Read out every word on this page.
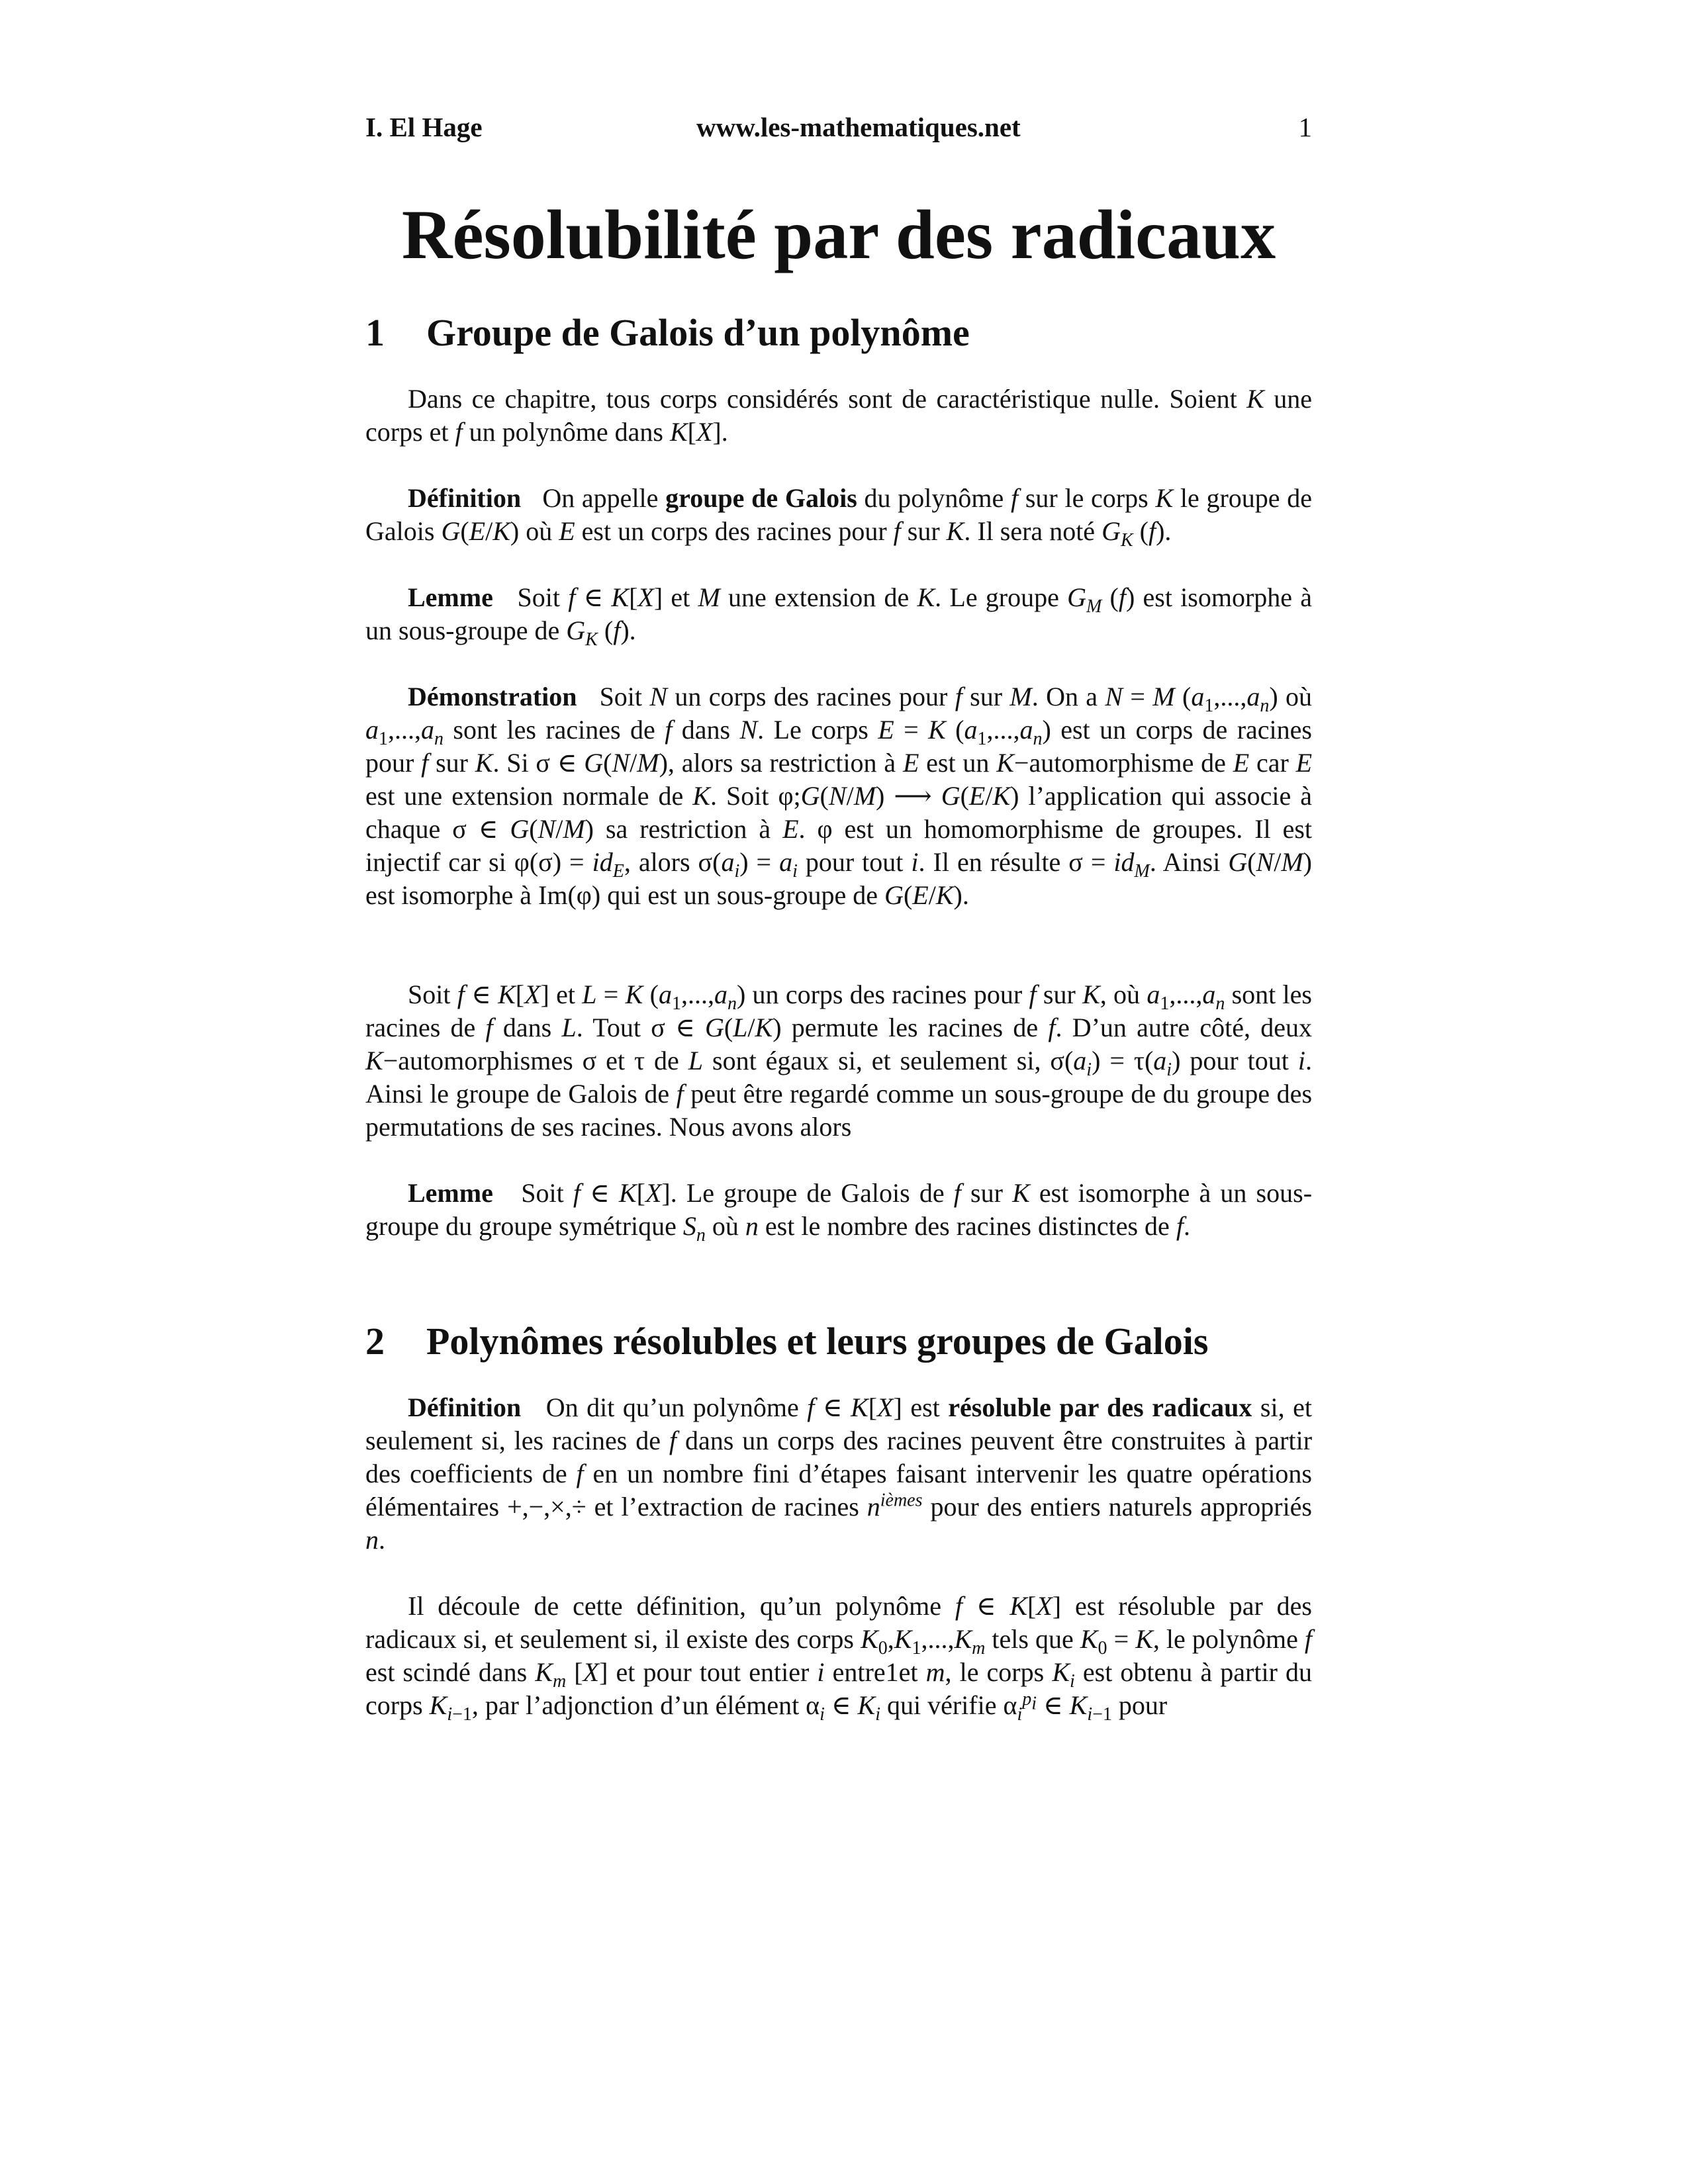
I. El Hage	www.les-mathematiques.net	1
Résolubilité par des radicaux
1 Groupe de Galois d’un polynôme
Dans ce chapitre, tous corps considérés sont de caractéristique nulle. Soient K une corps et f un polynôme dans K[X].
Définition   On appelle groupe de Galois du polynôme f sur le corps K le groupe de Galois G(E/K) où E est un corps des racines pour f sur K. Il sera noté $G_K$ (f).
Lemme   Soit f ∈ K[X] et M une extension de K. Le groupe $G_M$ (f) est isomorphe à un sous-groupe de $G_K$ (f).
Démonstration   Soit N un corps des racines pour f sur M. On a N = M $(a_1,...,a_n)$ où $a_1,...,a_n$ sont les racines de f dans N. Le corps E = K $(a_1,...,a_n)$ est un corps de racines pour f sur K. Si σ ∈ G(N/M), alors sa restriction à E est un K−automorphisme de E car E est une extension normale de K. Soit φ;G(N/M) ⟶ G(E/K) l’application qui associe à chaque σ ∈ G(N/M) sa restriction à E. φ est un homomorphisme de groupes. Il est injectif car si $\varphi(\sigma) = id_E$, alors $\sigma(a_i) = a_i$ pour tout i. Il en résulte $\sigma = id_M$. Ainsi G(N/M) est isomorphe à Im(φ) qui est un sous-groupe de G(E/K).
Soit f ∈ K[X] et L = K $(a_1,...,a_n)$ un corps des racines pour f sur K, où $a_1,...,a_n$ sont les racines de f dans L. Tout σ ∈ G(L/K) permute les racines de f. D’un autre côté, deux K−automorphismes σ et τ de L sont égaux si, et seulement si, $\sigma(a_i) = \tau(a_i)$ pour tout i. Ainsi le groupe de Galois de f peut être regardé comme un sous-groupe de du groupe des permutations de ses racines. Nous avons alors
Lemme   Soit f ∈ K[X]. Le groupe de Galois de f sur K est isomorphe à un sous-groupe du groupe symétrique $S_n$ où n est le nombre des racines distinctes de f.
2 Polynômes résolubles et leurs groupes de Galois
Définition   On dit qu’un polynôme f ∈ K[X] est résoluble par des radicaux si, et seulement si, les racines de f dans un corps des racines peuvent être construites à partir des coefficients de f en un nombre fini d’étapes faisant intervenir les quatre opérations élémentaires +,−,×,÷ et l’extraction de racines $n^{ièmes}$ pour des entiers naturels appropriés n.
Il découle de cette définition, qu’un polynôme f ∈ K[X] est résoluble par des radicaux si, et seulement si, il existe des corps $K_0,K_1,...,K_m$ tels que $K_0 = K$, le polynôme f est scindé dans $K_m$ [X] et pour tout entier i entre1et m, le corps $K_i$ est obtenu à partir du corps $K_{i-1}$, par l’adjonction d’un élément $\alpha_i$ ∈ $K_i$ qui vérifie $\alpha_i^{p_i}$ ∈ $K_{i-1}$ pour
